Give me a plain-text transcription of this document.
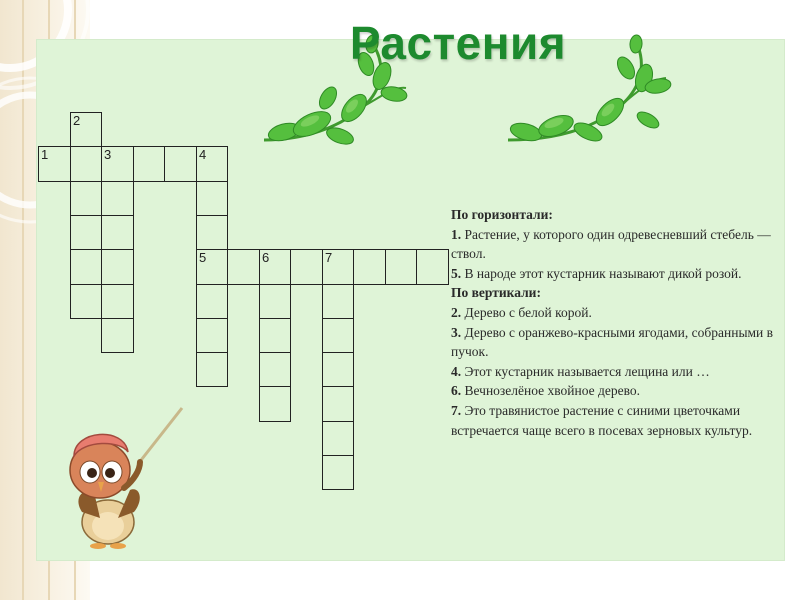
Растения
2
1	3	4
5	6	7
По горизонтали:
1. Растение, у которого один одревесневший стебель — ствол.
5. В народе этот кустарник называют дикой розой.
По вертикали:
2. Дерево с белой корой.
3. Дерево с оранжево-красными ягодами, собранными в пучок.
4. Этот кустарник называется лещина или …
6. Вечнозелёное хвойное дерево.
7. Это травянистое растение с синими цветочками встречается чаще всего в посевах зерновых культур.
